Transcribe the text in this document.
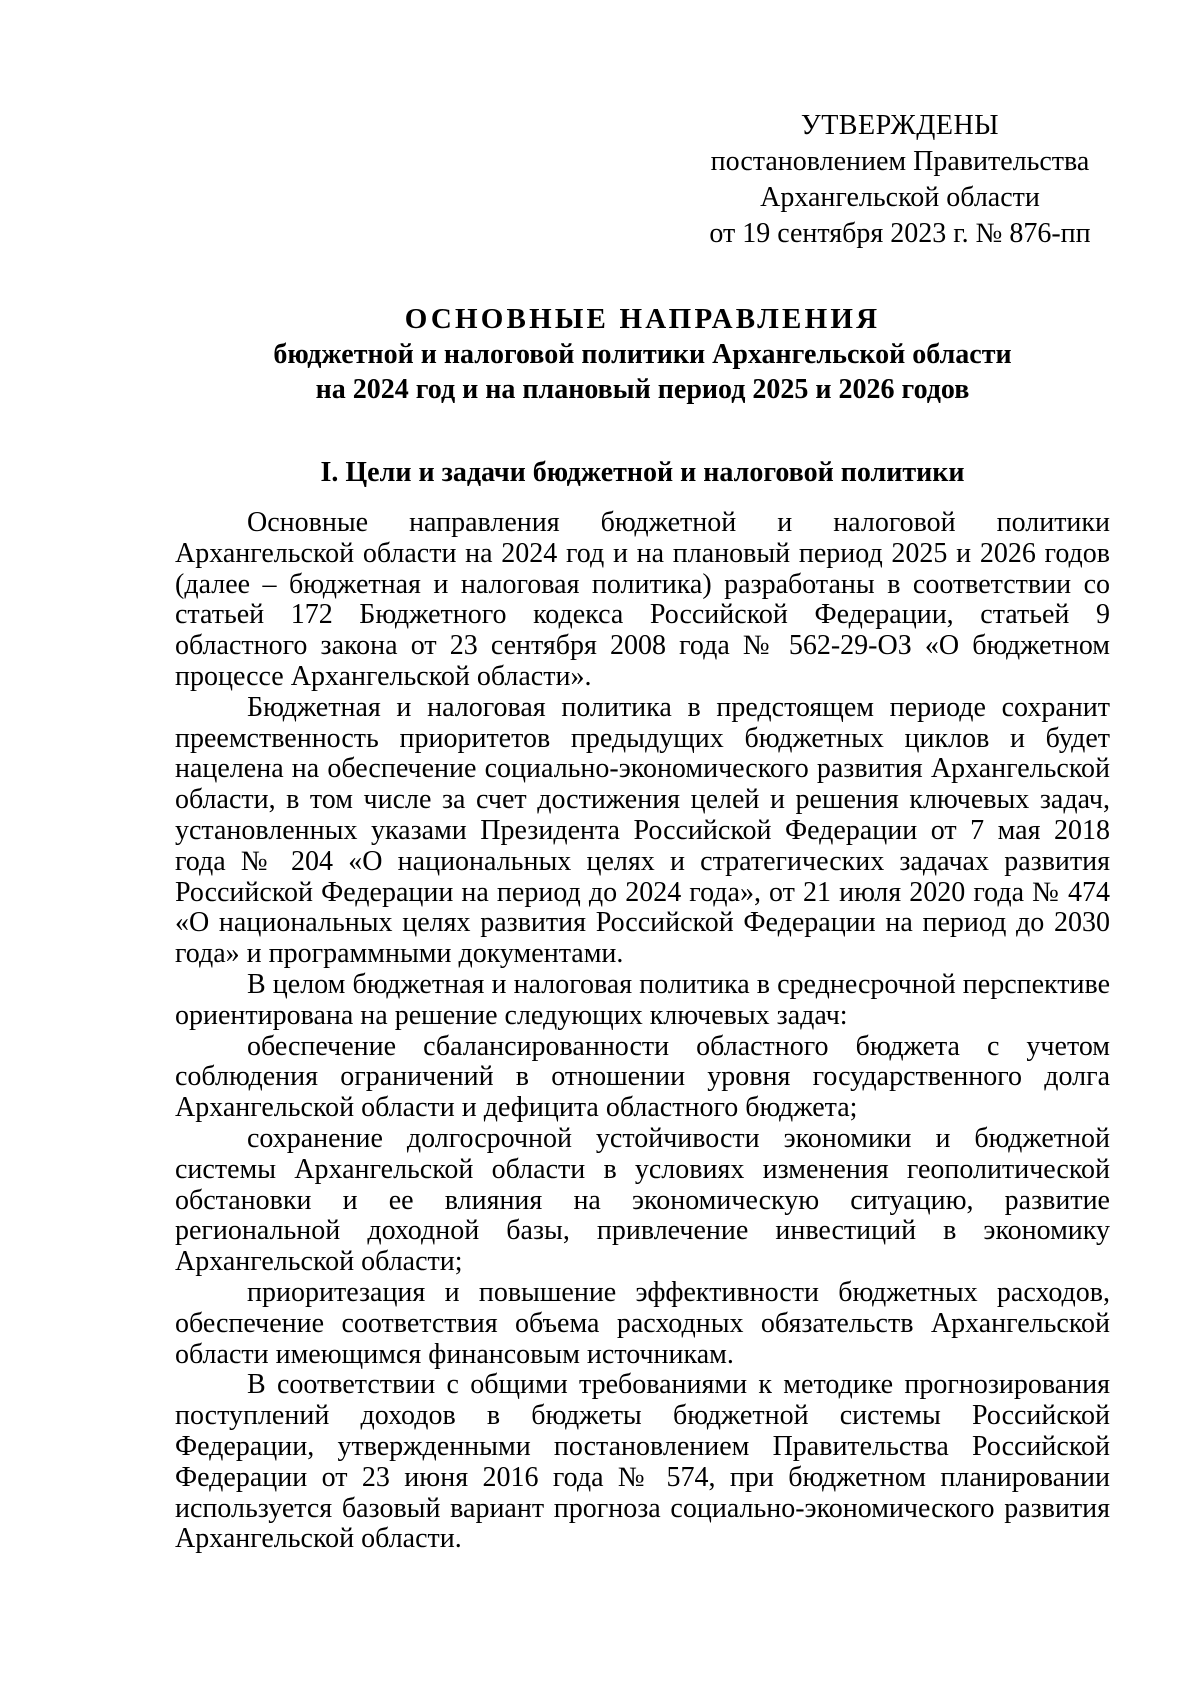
УТВЕРЖДЕНЫ
постановлением Правительства
Архангельской области
от 19 сентября 2023 г. № 876-пп
ОСНОВНЫЕ НАПРАВЛЕНИЯ
бюджетной и налоговой политики Архангельской области
на 2024 год и на плановый период 2025 и 2026 годов
I. Цели и задачи бюджетной и налоговой политики

Основные направления бюджетной и налоговой политики Архангельской области на 2024 год и на плановый период 2025 и 2026 годов (далее – бюджетная и налоговая политика) разработаны в соответствии со статьей 172 Бюджетного кодекса Российской Федерации, статьей 9 областного закона от 23 сентября 2008 года № 562-29-ОЗ «О бюджетном процессе Архангельской области».

Бюджетная и налоговая политика в предстоящем периоде сохранит преемственность приоритетов предыдущих бюджетных циклов и будет нацелена на обеспечение социально-экономического развития Архангельской области, в том числе за счет достижения целей и решения ключевых задач, установленных указами Президента Российской Федерации от 7 мая 2018 года № 204 «О национальных целях и стратегических задачах развития Российской Федерации на период до 2024 года», от 21 июля 2020 года № 474 «О национальных целях развития Российской Федерации на период до 2030 года» и программными документами.

В целом бюджетная и налоговая политика в среднесрочной перспективе ориентирована на решение следующих ключевых задач:

обеспечение сбалансированности областного бюджета с учетом соблюдения ограничений в отношении уровня государственного долга Архангельской области и дефицита областного бюджета;

сохранение долгосрочной устойчивости экономики и бюджетной системы Архангельской области в условиях изменения геополитической обстановки и ее влияния на экономическую ситуацию, развитие региональной доходной базы, привлечение инвестиций в экономику Архангельской области;

приоритезация и повышение эффективности бюджетных расходов, обеспечение соответствия объема расходных обязательств Архангельской области имеющимся финансовым источникам.

В соответствии с общими требованиями к методике прогнозирования поступлений доходов в бюджеты бюджетной системы Российской Федерации, утвержденными постановлением Правительства Российской Федерации от 23 июня 2016 года № 574, при бюджетном планировании используется базовый вариант прогноза социально-экономического развития Архангельской области.
